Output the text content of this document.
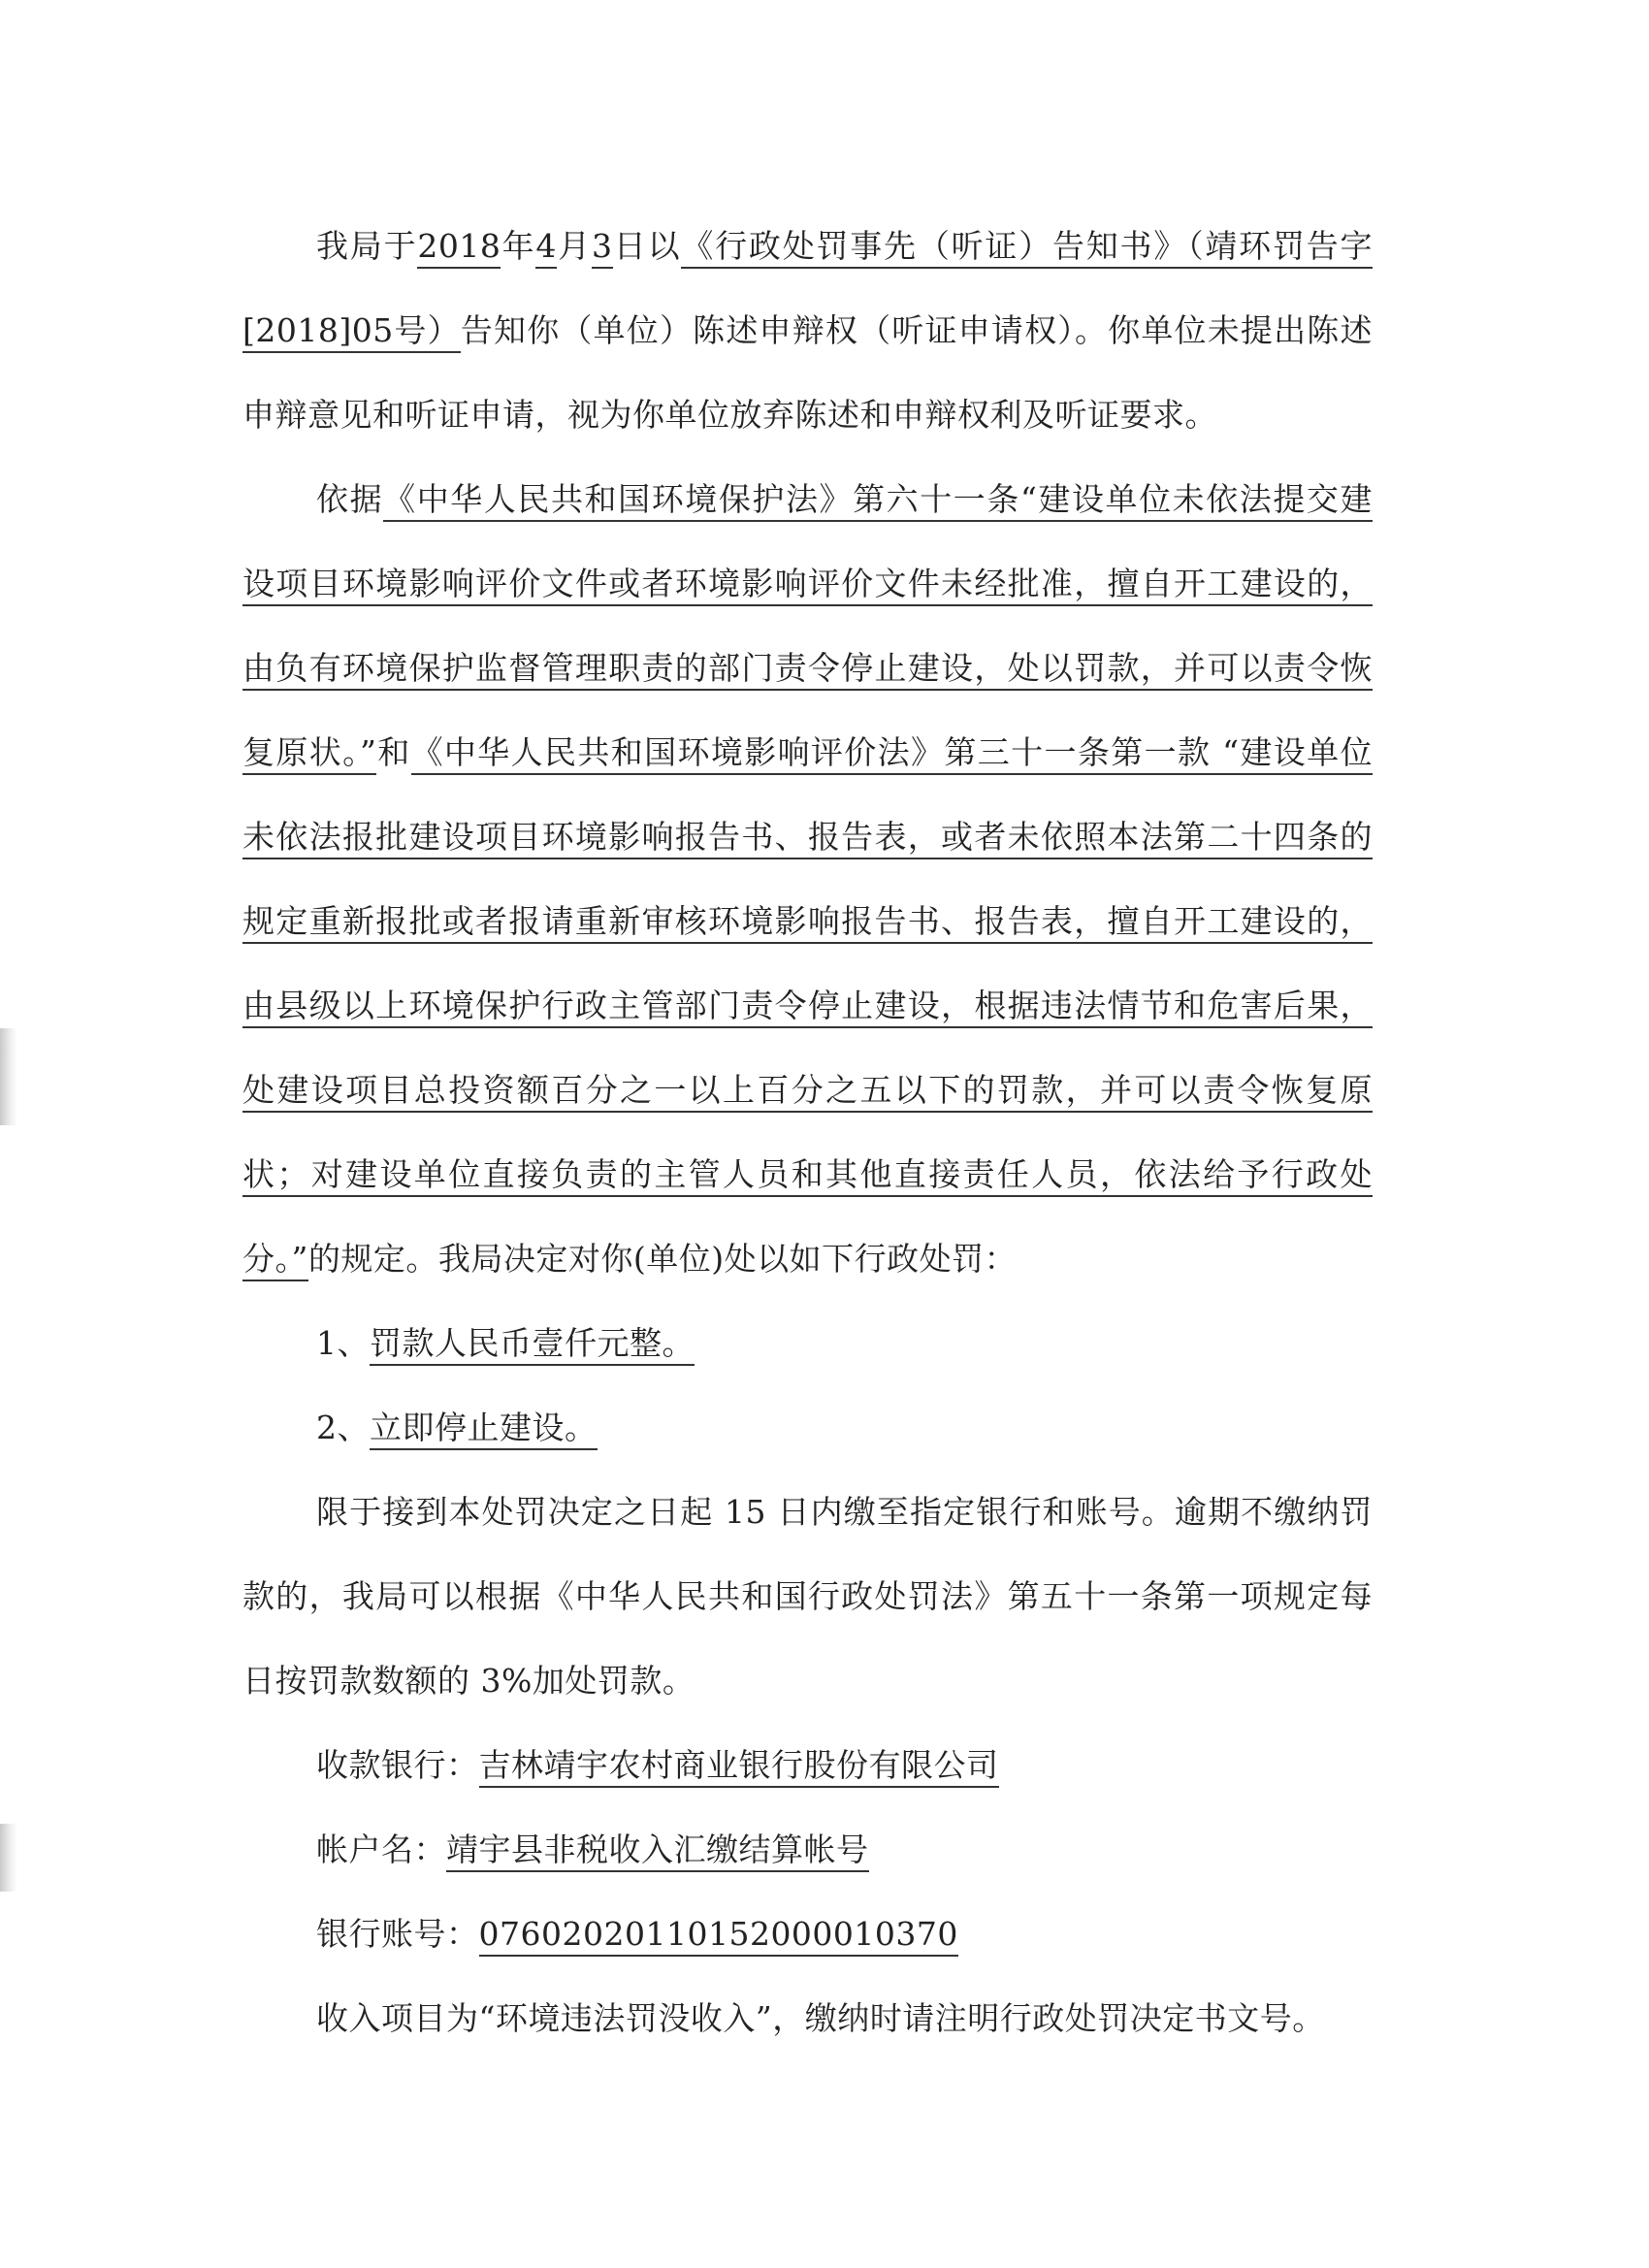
我局于2018年4月3日以《行政处罚事先（听证）告知书》（靖环罚告字[2018]05号）告知你（单位）陈述申辩权（听证申请权）。你单位未提出陈述申辩意见和听证申请，视为你单位放弃陈述和申辩权利及听证要求。

依据《中华人民共和国环境保护法》第六十一条“建设单位未依法提交建设项目环境影响评价文件或者环境影响评价文件未经批准，擅自开工建设的，由负有环境保护监督管理职责的部门责令停止建设，处以罚款，并可以责令恢复原状。”和《中华人民共和国环境影响评价法》第三十一条第一款 “建设单位未依法报批建设项目环境影响报告书、报告表，或者未依照本法第二十四条的规定重新报批或者报请重新审核环境影响报告书、报告表，擅自开工建设的，由县级以上环境保护行政主管部门责令停止建设，根据违法情节和危害后果，处建设项目总投资额百分之一以上百分之五以下的罚款，并可以责令恢复原状；对建设单位直接负责的主管人员和其他直接责任人员，依法给予行政处分。”的规定。我局决定对你(单位)处以如下行政处罚：

1、罚款人民币壹仟元整。

2、立即停止建设。

限于接到本处罚决定之日起 15 日内缴至指定银行和账号。逾期不缴纳罚款的，我局可以根据《中华人民共和国行政处罚法》第五十一条第一项规定每日按罚款数额的 3%加处罚款。

收款银行：吉林靖宇农村商业银行股份有限公司

帐户名：靖宇县非税收入汇缴结算帐号

银行账号：07602020110152000010370

收入项目为“环境违法罚没收入”，缴纳时请注明行政处罚决定书文号。
